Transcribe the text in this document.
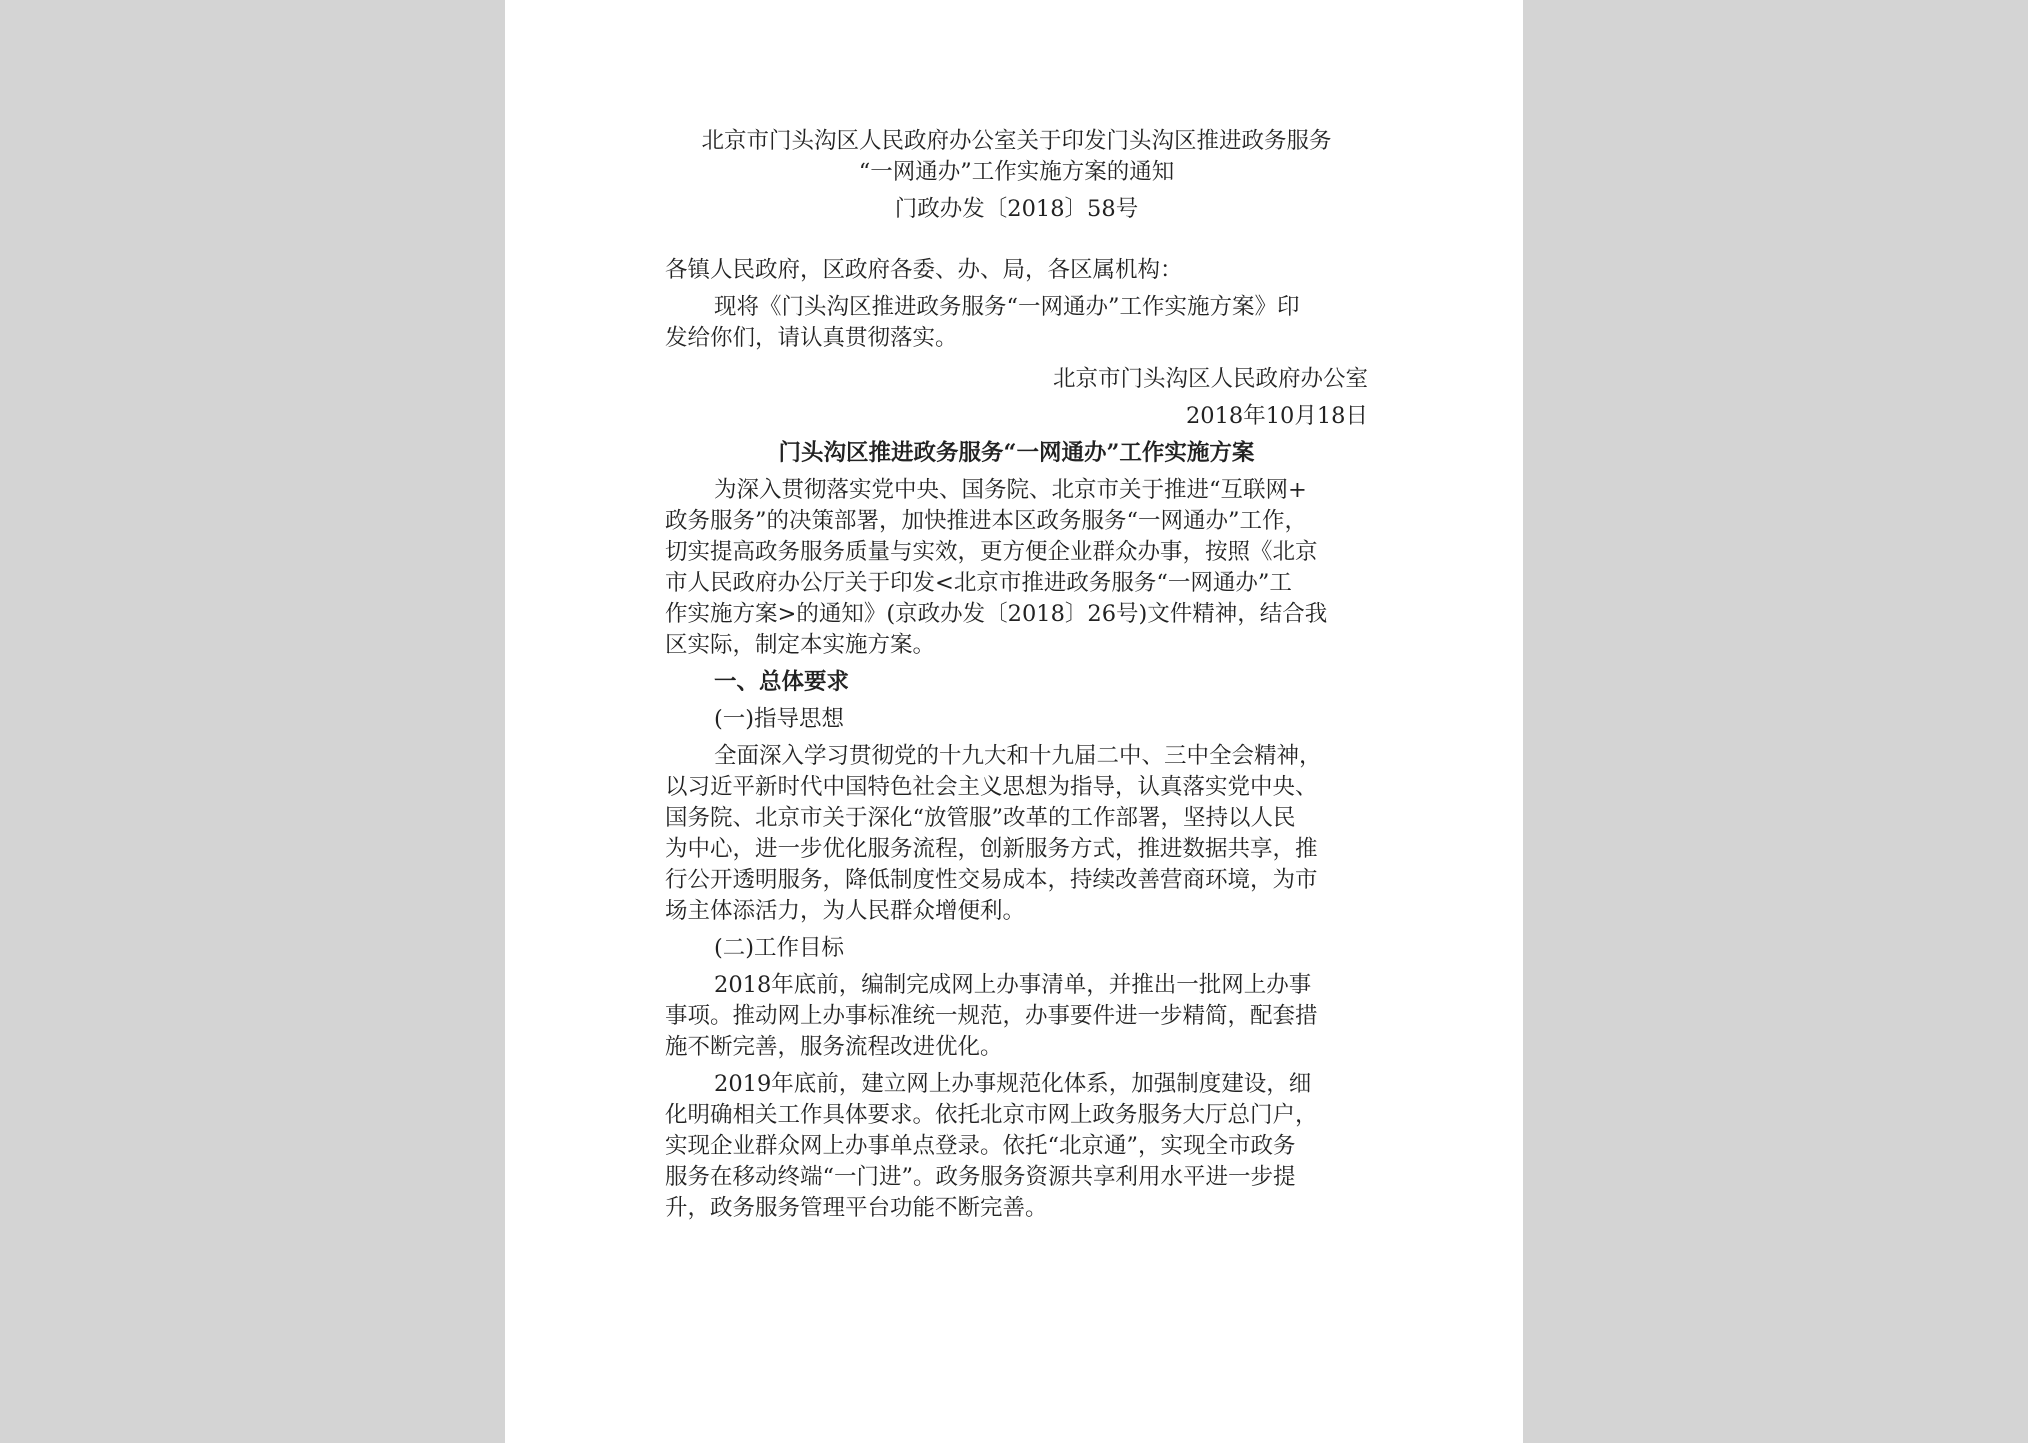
北京市门头沟区人民政府办公室关于印发门头沟区推进政务服务
“一网通办”工作实施方案的通知
门政办发〔2018〕58号
各镇人民政府，区政府各委、办、局，各区属机构：
现将《门头沟区推进政务服务“一网通办”工作实施方案》印
发给你们，请认真贯彻落实。
北京市门头沟区人民政府办公室
2018年10月18日
门头沟区推进政务服务“一网通办”工作实施方案
为深入贯彻落实党中央、国务院、北京市关于推进“互联网+
政务服务”的决策部署，加快推进本区政务服务“一网通办”工作，
切实提高政务服务质量与实效，更方便企业群众办事，按照《北京
市人民政府办公厅关于印发<北京市推进政务服务“一网通办”工
作实施方案>的通知》(京政办发〔2018〕26号)文件精神，结合我
区实际，制定本实施方案。
一、总体要求
(一)指导思想
全面深入学习贯彻党的十九大和十九届二中、三中全会精神，
以习近平新时代中国特色社会主义思想为指导，认真落实党中央、
国务院、北京市关于深化“放管服”改革的工作部署，坚持以人民
为中心，进一步优化服务流程，创新服务方式，推进数据共享，推
行公开透明服务，降低制度性交易成本，持续改善营商环境，为市
场主体添活力，为人民群众增便利。
(二)工作目标
2018年底前，编制完成网上办事清单，并推出一批网上办事
事项。推动网上办事标准统一规范，办事要件进一步精简，配套措
施不断完善，服务流程改进优化。
2019年底前，建立网上办事规范化体系，加强制度建设，细
化明确相关工作具体要求。依托北京市网上政务服务大厅总门户，
实现企业群众网上办事单点登录。依托“北京通”，实现全市政务
服务在移动终端“一门进”。政务服务资源共享利用水平进一步提
升，政务服务管理平台功能不断完善。
